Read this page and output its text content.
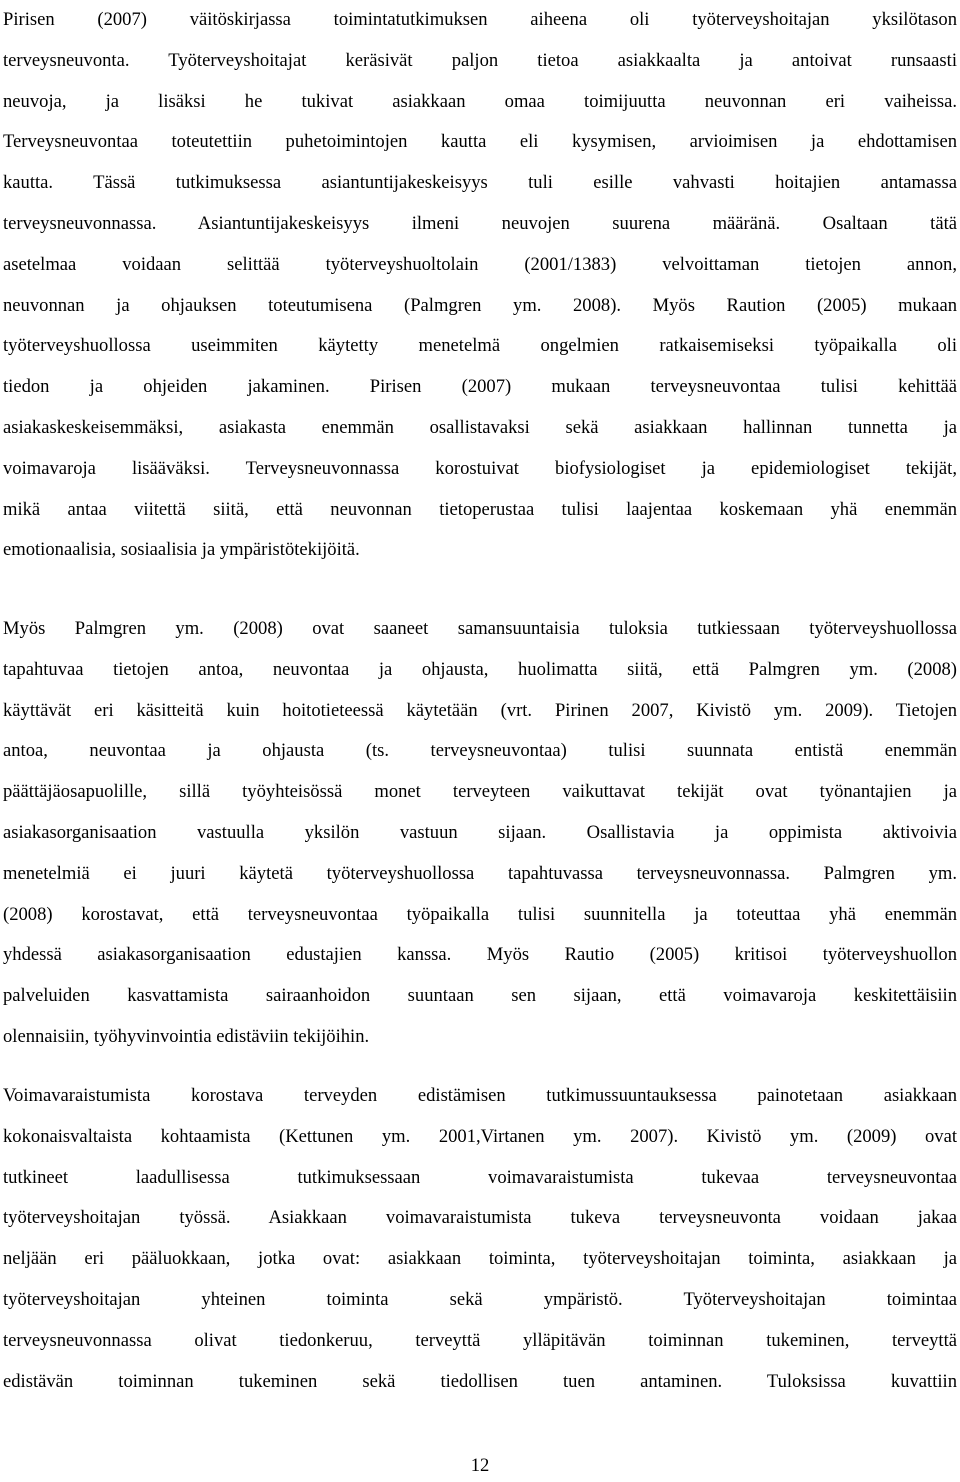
Pirisen (2007) väitöskirjassa toimintatutkimuksen aiheena oli työterveyshoitajan yksilötason
terveysneuvonta. Työterveyshoitajat keräsivät paljon tietoa asiakkaalta ja antoivat runsaasti
neuvoja, ja lisäksi he tukivat asiakkaan omaa toimijuutta neuvonnan eri vaiheissa.
Terveysneuvontaa toteutettiin puhetoimintojen kautta eli kysymisen, arvioimisen ja ehdottamisen
kautta. Tässä tutkimuksessa asiantuntijakeskeisyys tuli esille vahvasti hoitajien antamassa
terveysneuvonnassa. Asiantuntijakeskeisyys ilmeni neuvojen suurena määränä. Osaltaan tätä
asetelmaa voidaan selittää työterveyshuoltolain (2001/1383) velvoittaman tietojen annon,
neuvonnan ja ohjauksen toteutumisena (Palmgren ym. 2008). Myös Raution (2005) mukaan
työterveyshuollossa useimmiten käytetty menetelmä ongelmien ratkaisemiseksi työpaikalla oli
tiedon ja ohjeiden jakaminen. Pirisen (2007) mukaan terveysneuvontaa tulisi kehittää
asiakaskeskeisemmäksi, asiakasta enemmän osallistavaksi sekä asiakkaan hallinnan tunnetta ja
voimavaroja lisääväksi. Terveysneuvonnassa korostuivat biofysiologiset ja epidemiologiset tekijät,
mikä antaa viitettä siitä, että neuvonnan tietoperustaa tulisi laajentaa koskemaan yhä enemmän
emotionaalisia, sosiaalisia ja ympäristötekijöitä.
Myös Palmgren ym. (2008) ovat saaneet samansuuntaisia tuloksia tutkiessaan työterveyshuollossa
tapahtuvaa tietojen antoa, neuvontaa ja ohjausta, huolimatta siitä, että Palmgren ym. (2008)
käyttävät eri käsitteitä kuin hoitotieteessä käytetään (vrt. Pirinen 2007, Kivistö ym. 2009). Tietojen
antoa, neuvontaa ja ohjausta (ts. terveysneuvontaa) tulisi suunnata entistä enemmän
päättäjäosapuolille, sillä työyhteisössä monet terveyteen vaikuttavat tekijät ovat työnantajien ja
asiakasorganisaation vastuulla yksilön vastuun sijaan. Osallistavia ja oppimista aktivoivia
menetelmiä ei juuri käytetä työterveyshuollossa tapahtuvassa terveysneuvonnassa. Palmgren ym.
(2008) korostavat, että terveysneuvontaa työpaikalla tulisi suunnitella ja toteuttaa yhä enemmän
yhdessä asiakasorganisaation edustajien kanssa. Myös Rautio (2005) kritisoi työterveyshuollon
palveluiden kasvattamista sairaanhoidon suuntaan sen sijaan, että voimavaroja keskitettäisiin
olennaisiin, työhyvinvointia edistäviin tekijöihin.
Voimavaraistumista korostava terveyden edistämisen tutkimussuuntauksessa painotetaan asiakkaan
kokonaisvaltaista kohtaamista (Kettunen ym. 2001,Virtanen ym. 2007). Kivistö ym. (2009) ovat
tutkineet laadullisessa tutkimuksessaan voimavaraistumista tukevaa terveysneuvontaa
työterveyshoitajan työssä. Asiakkaan voimavaraistumista tukeva terveysneuvonta voidaan jakaa
neljään eri pääluokkaan, jotka ovat: asiakkaan toiminta, työterveyshoitajan toiminta, asiakkaan ja
työterveyshoitajan yhteinen toiminta sekä ympäristö. Työterveyshoitajan toimintaa
terveysneuvonnassa olivat tiedonkeruu, terveyttä ylläpitävän toiminnan tukeminen, terveyttä
edistävän toiminnan tukeminen sekä tiedollisen tuen antaminen. Tuloksissa kuvattiin
12
